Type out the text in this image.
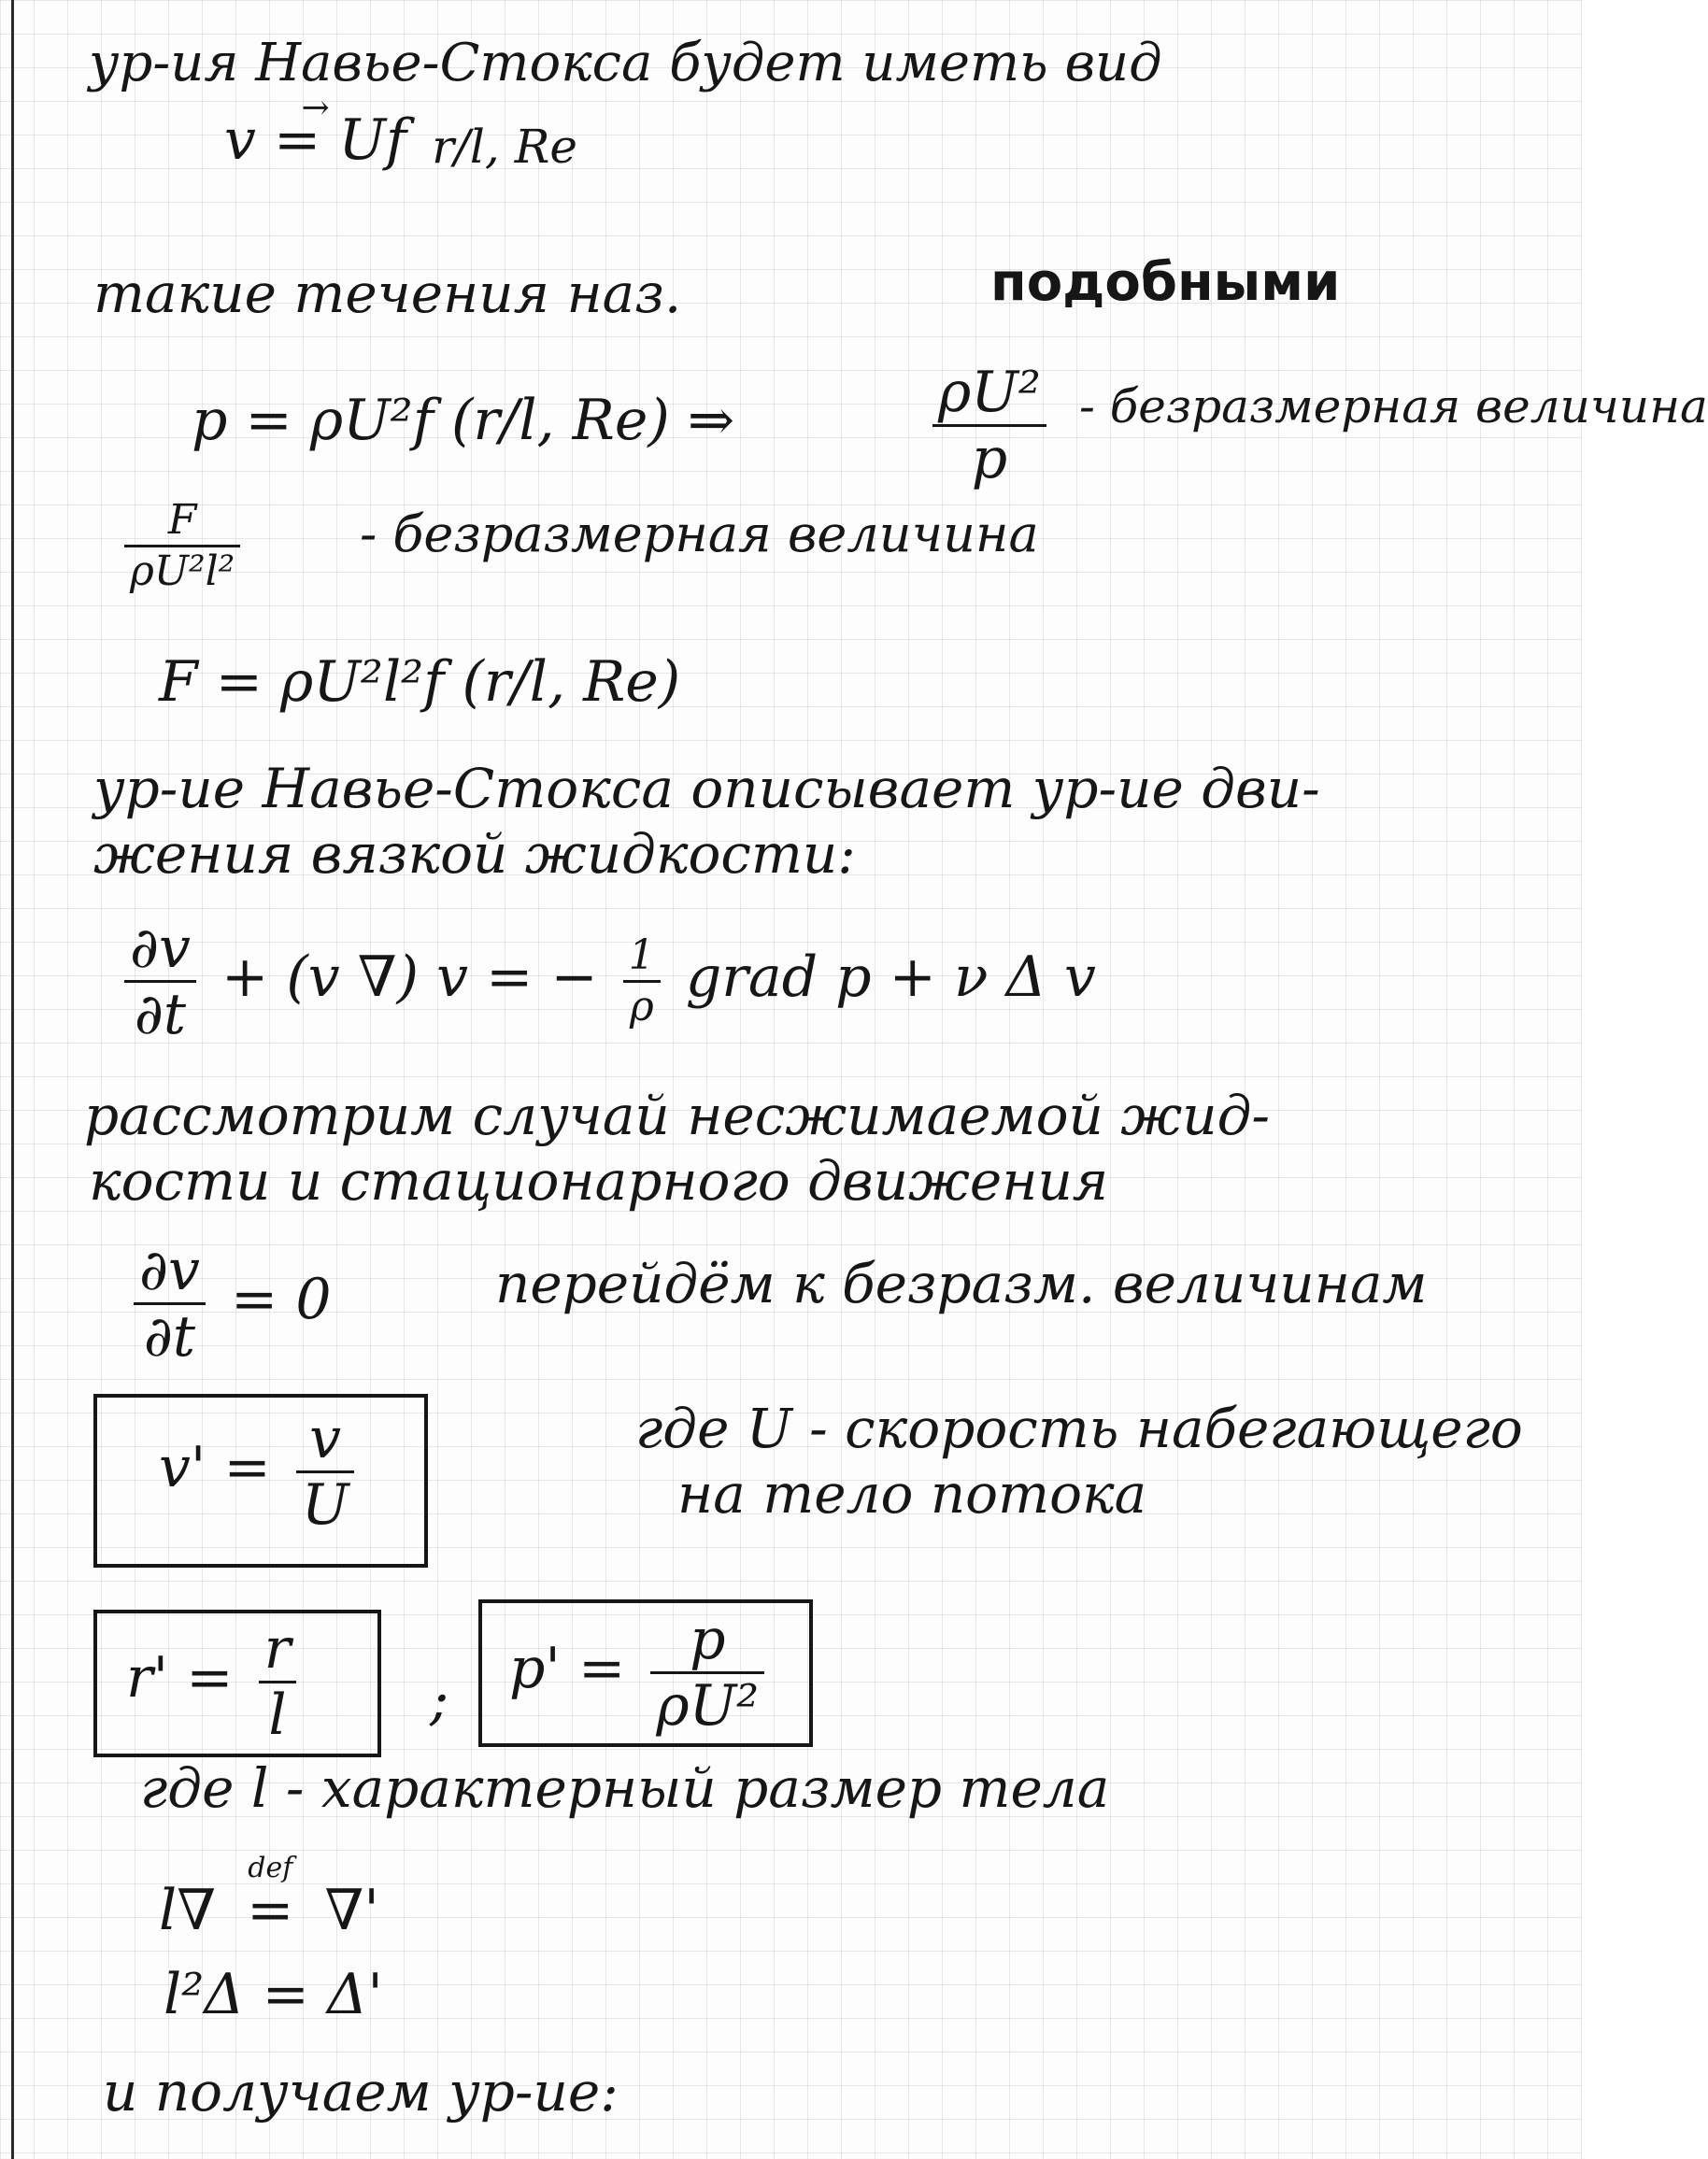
ур-ия Навье-Стокса будет иметь вид
→ v = Uf r/l, Re
такие течения наз.	подобными
p = ρU²f (r/l, Re) ⇒	$\frac{\text{ρU²}}{p}$ - безразмерная величина
$\frac{F}{\text{ρU²l²}}$ - безразмерная величина
F = ρU²l²f (r/l, Re)
ур-ие Навье-Стокса описывает ур-ие дви-
жения вязкой жидкости:
$\frac{\partial v}{\partial t} + (v$ ∇) v = − $\frac{1}{\rho}$ grad p + ν Δ v
рассмотрим случай несжимаемой жид-
кости и стационарного движения
$\frac{\partial v}{\partial t} = 0$	перейдём к безразм. величинам
$v' = \frac{v}{U}$	где U - скорость набегающего
на тело потока
$r' = \frac{r}{l}$ ; $p' = \frac{p}{\text{ρU²}}$
где l - характерный размер тела
l∇
def
= ∇'
l²Δ = Δ'
и получаем ур-ие:
